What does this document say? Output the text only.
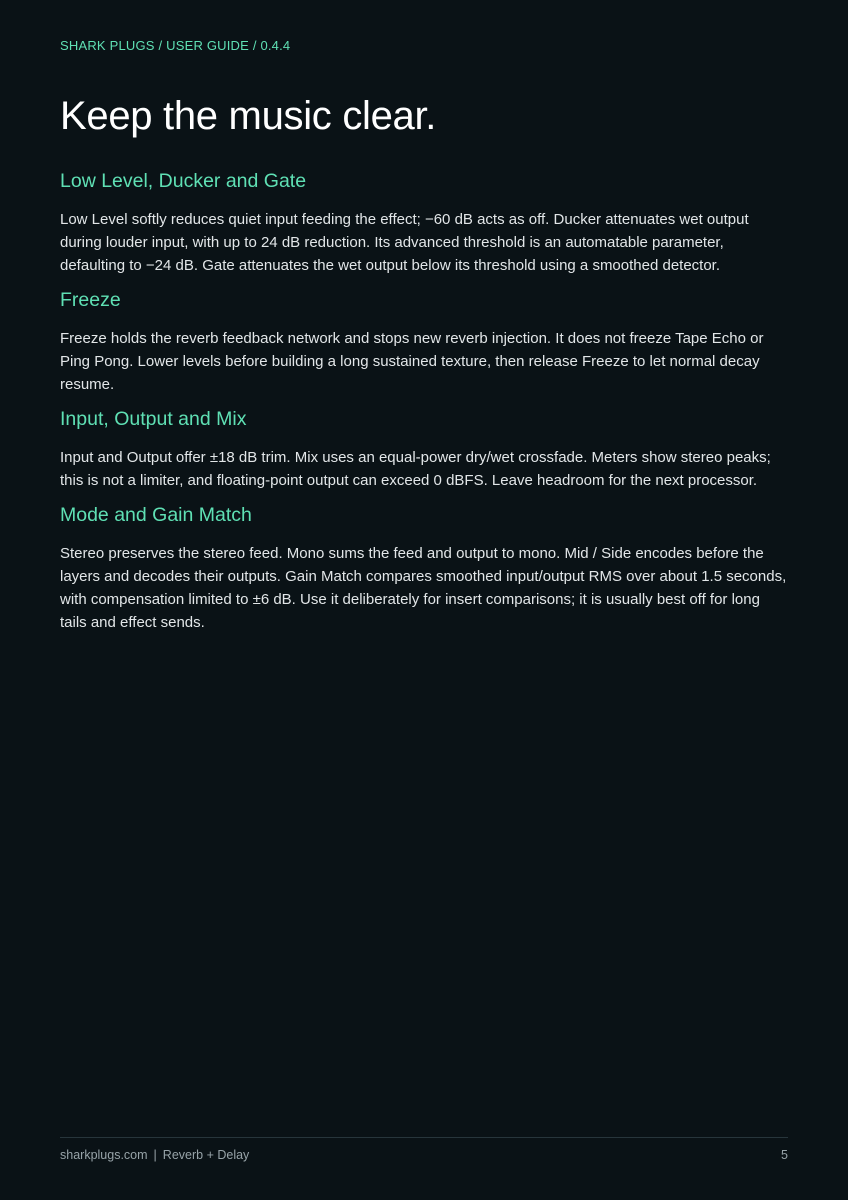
SHARK PLUGS / USER GUIDE / 0.4.4
Keep the music clear.
Low Level, Ducker and Gate

Low Level softly reduces quiet input feeding the effect; −60 dB acts as off. Ducker attenuates wet output during louder input, with up to 24 dB reduction. Its advanced threshold is an automatable parameter, defaulting to −24 dB. Gate attenuates the wet output below its threshold using a smoothed detector.

Freeze

Freeze holds the reverb feedback network and stops new reverb injection. It does not freeze Tape Echo or Ping Pong. Lower levels before building a long sustained texture, then release Freeze to let normal decay resume.

Input, Output and Mix

Input and Output offer ±18 dB trim. Mix uses an equal-power dry/wet crossfade. Meters show stereo peaks; this is not a limiter, and floating-point output can exceed 0 dBFS. Leave headroom for the next processor.

Mode and Gain Match

Stereo preserves the stereo feed. Mono sums the feed and output to mono. Mid / Side encodes before the layers and decodes their outputs. Gain Match compares smoothed input/output RMS over about 1.5 seconds, with compensation limited to ±6 dB. Use it deliberately for insert comparisons; it is usually best off for long tails and effect sends.

sharkplugs.com | Reverb + Delay	5
